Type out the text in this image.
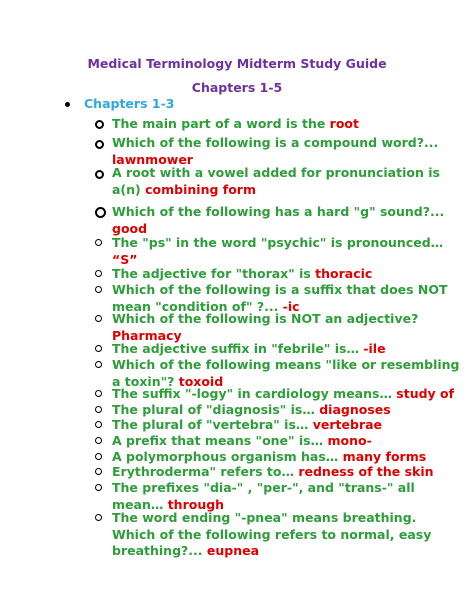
Medical Terminology Midterm Study Guide
Chapters 1-5
Chapters 1-3
The main part of a word is the root
Which of the following is a compound word?...
lawnmower
A root with a vowel added for pronunciation is
a(n) combining form
Which of the following has a hard "g" sound?...
good
The "ps" in the word "psychic" is pronounced…
“S”
The adjective for "thorax" is thoracic
Which of the following is a suffix that does NOT
mean "condition of" ?... -ic
Which of the following is NOT an adjective?
Pharmacy
The adjective suffix in "febrile" is… -ile
Which of the following means "like or resembling
a toxin"? toxoid
The suffix "-logy" in cardiology means… study of
The plural of "diagnosis" is… diagnoses
The plural of "vertebra" is… vertebrae
A prefix that means "one" is… mono-
A polymorphous organism has… many forms
Erythroderma" refers to… redness of the skin
The prefixes "dia-" , "per-", and "trans-" all
mean… through
The word ending "-pnea" means breathing.
Which of the following refers to normal, easy
breathing?... eupnea
